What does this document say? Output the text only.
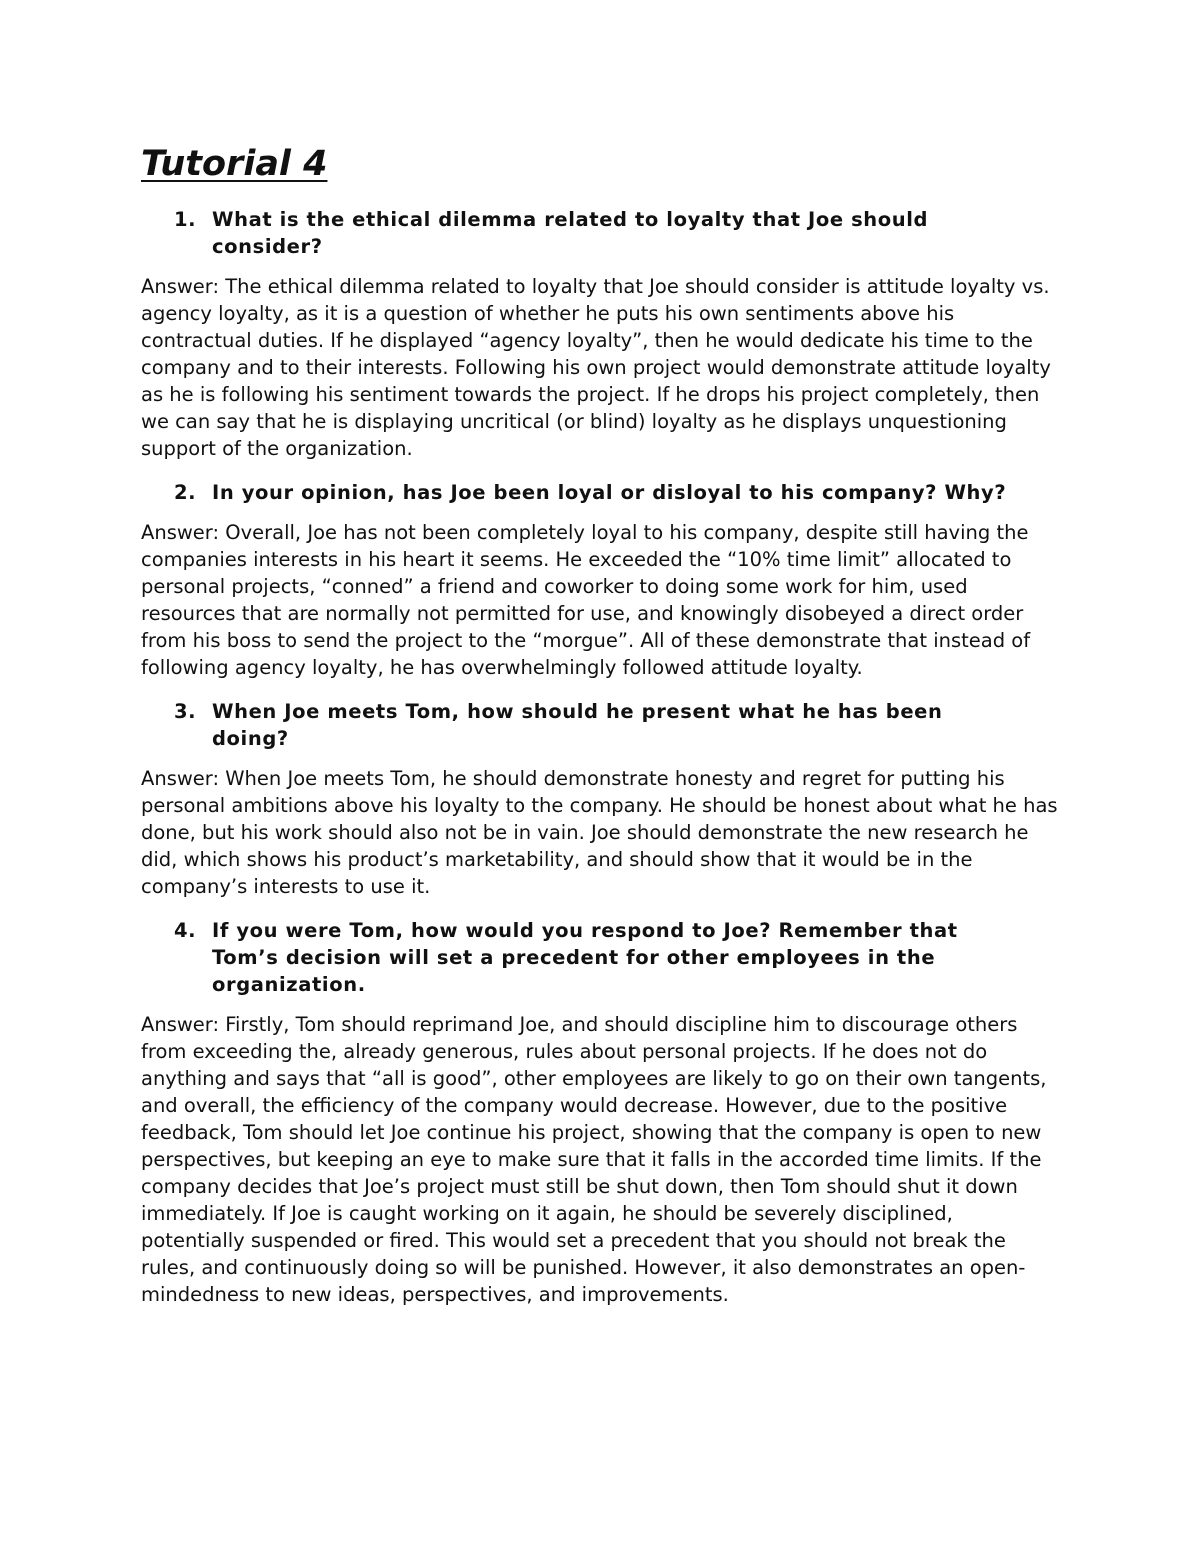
Tutorial 4
1. What is the ethical dilemma related to loyalty that Joe should consider?

Answer: The ethical dilemma related to loyalty that Joe should consider is attitude loyalty vs. agency loyalty, as it is a question of whether he puts his own sentiments above his contractual duties. If he displayed “agency loyalty”, then he would dedicate his time to the company and to their interests. Following his own project would demonstrate attitude loyalty as he is following his sentiment towards the project. If he drops his project completely, then we can say that he is displaying uncritical (or blind) loyalty as he displays unquestioning support of the organization.

2. In your opinion, has Joe been loyal or disloyal to his company? Why?

Answer: Overall, Joe has not been completely loyal to his company, despite still having the companies interests in his heart it seems. He exceeded the “10% time limit” allocated to personal projects, “conned” a friend and coworker to doing some work for him, used resources that are normally not permitted for use, and knowingly disobeyed a direct order from his boss to send the project to the “morgue”. All of these demonstrate that instead of following agency loyalty, he has overwhelmingly followed attitude loyalty.

3. When Joe meets Tom, how should he present what he has been doing?

Answer: When Joe meets Tom, he should demonstrate honesty and regret for putting his personal ambitions above his loyalty to the company. He should be honest about what he has done, but his work should also not be in vain. Joe should demonstrate the new research he did, which shows his product’s marketability, and should show that it would be in the company’s interests to use it.

4. If you were Tom, how would you respond to Joe? Remember that Tom’s decision will set a precedent for other employees in the organization.

Answer: Firstly, Tom should reprimand Joe, and should discipline him to discourage others from exceeding the, already generous, rules about personal projects. If he does not do anything and says that “all is good”, other employees are likely to go on their own tangents, and overall, the efficiency of the company would decrease. However, due to the positive feedback, Tom should let Joe continue his project, showing that the company is open to new perspectives, but keeping an eye to make sure that it falls in the accorded time limits. If the company decides that Joe’s project must still be shut down, then Tom should shut it down immediately. If Joe is caught working on it again, he should be severely disciplined, potentially suspended or fired. This would set a precedent that you should not break the rules, and continuously doing so will be punished. However, it also demonstrates an open-mindedness to new ideas, perspectives, and improvements.
